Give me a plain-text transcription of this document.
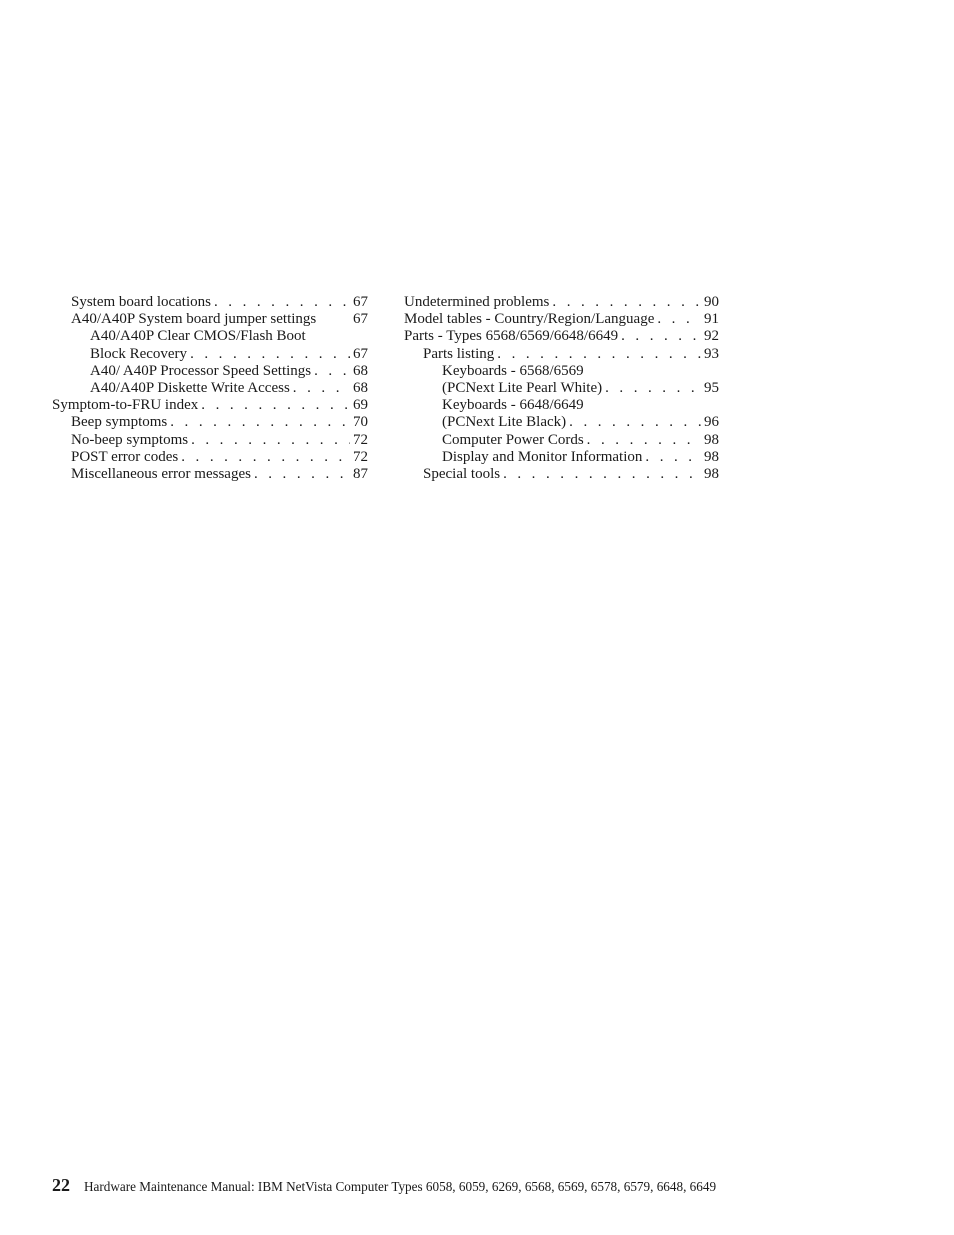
System board locations . . .	67
A40/A40P System board jumper settings 67
A40/A40P Clear CMOS/Flash Boot
Block Recovery . . .	67
A40/ A40P Processor Speed Settings . . .	68
A40/A40P Diskette Write Access . . .	68
Symptom-to-FRU index . . .	69
Beep symptoms . . .	70
No-beep symptoms . . .	72
POST error codes . . .	72
Miscellaneous error messages . . .	87
Undetermined problems . . .	90
Model tables - Country/Region/Language . . .	91
Parts - Types 6568/6569/6648/6649 . . .	92
Parts listing . . .	93
Keyboards - 6568/6569
(PCNext Lite Pearl White) . . .	95
Keyboards - 6648/6649
(PCNext Lite Black) . . .	96
Computer Power Cords . . .	98
Display and Monitor Information . . .	98
Special tools . . .	98
22 Hardware Maintenance Manual: IBM NetVista Computer Types 6058, 6059, 6269, 6568, 6569, 6578, 6579, 6648, 6649
